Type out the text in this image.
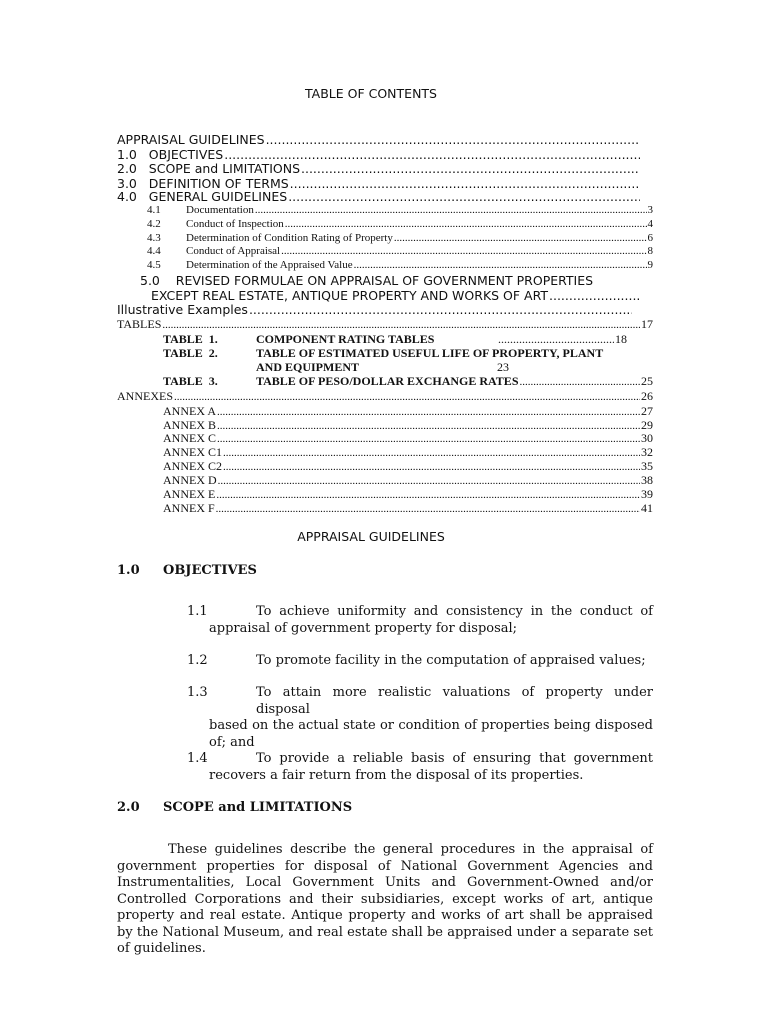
TABLE OF CONTENTS
APPRAISAL GUIDELINES
.....
1.0   OBJECTIVES
.....
2.0   SCOPE and LIMITATIONS
.....
3.0   DEFINITION OF TERMS
.....
4.0   GENERAL GUIDELINES
.....
4.1	Documentation .....	3
4.2	Conduct of Inspection .....	4
4.3	Determination of Condition Rating of Property .....	6
4.4	Conduct of Appraisal .....	8
4.5	Determination of the Appraised Value .....	9
5.0    REVISED FORMULAE ON APPRAISAL OF GOVERNMENT PROPERTIES
EXCEPT REAL ESTATE, ANTIQUE PROPERTY AND WORKS OF ART
.....
Illustrative Examples
.....
TABLES .....	17
TABLE  1.	COMPONENT RATING TABLES .....	18
TABLE  2.	TABLE OF ESTIMATED USEFUL LIFE OF PROPERTY, PLANT
AND EQUIPMENT	23
TABLE  3.	TABLE OF PESO/DOLLAR EXCHANGE RATES .....	25
ANNEXES .....	26
ANNEX A .....	27
ANNEX B .....	29
ANNEX C .....	30
ANNEX C1 .....	32
ANNEX C2 .....	35
ANNEX D .....	38
ANNEX E .....	39
ANNEX F .....	41
APPRAISAL GUIDELINES
1.0 OBJECTIVES
1.1	To achieve uniformity and consistency in the conduct of
appraisal of government property for disposal;
1.2	To promote facility in the computation of appraised values;
1.3	To attain more realistic valuations of property under disposal
based on the actual state or condition of properties being disposed of; and
1.4	To provide a reliable basis of ensuring that government
recovers a fair return from the disposal of its properties.
2.0 SCOPE and LIMITATIONS
These guidelines describe the general procedures in the appraisal of government properties for disposal of National Government Agencies and Instrumentalities, Local Government Units and Government-Owned and/or Controlled Corporations and their subsidiaries, except works of art, antique property and real estate. Antique property and works of art shall be appraised by the National Museum, and real estate shall be appraised under a separate set of guidelines.
